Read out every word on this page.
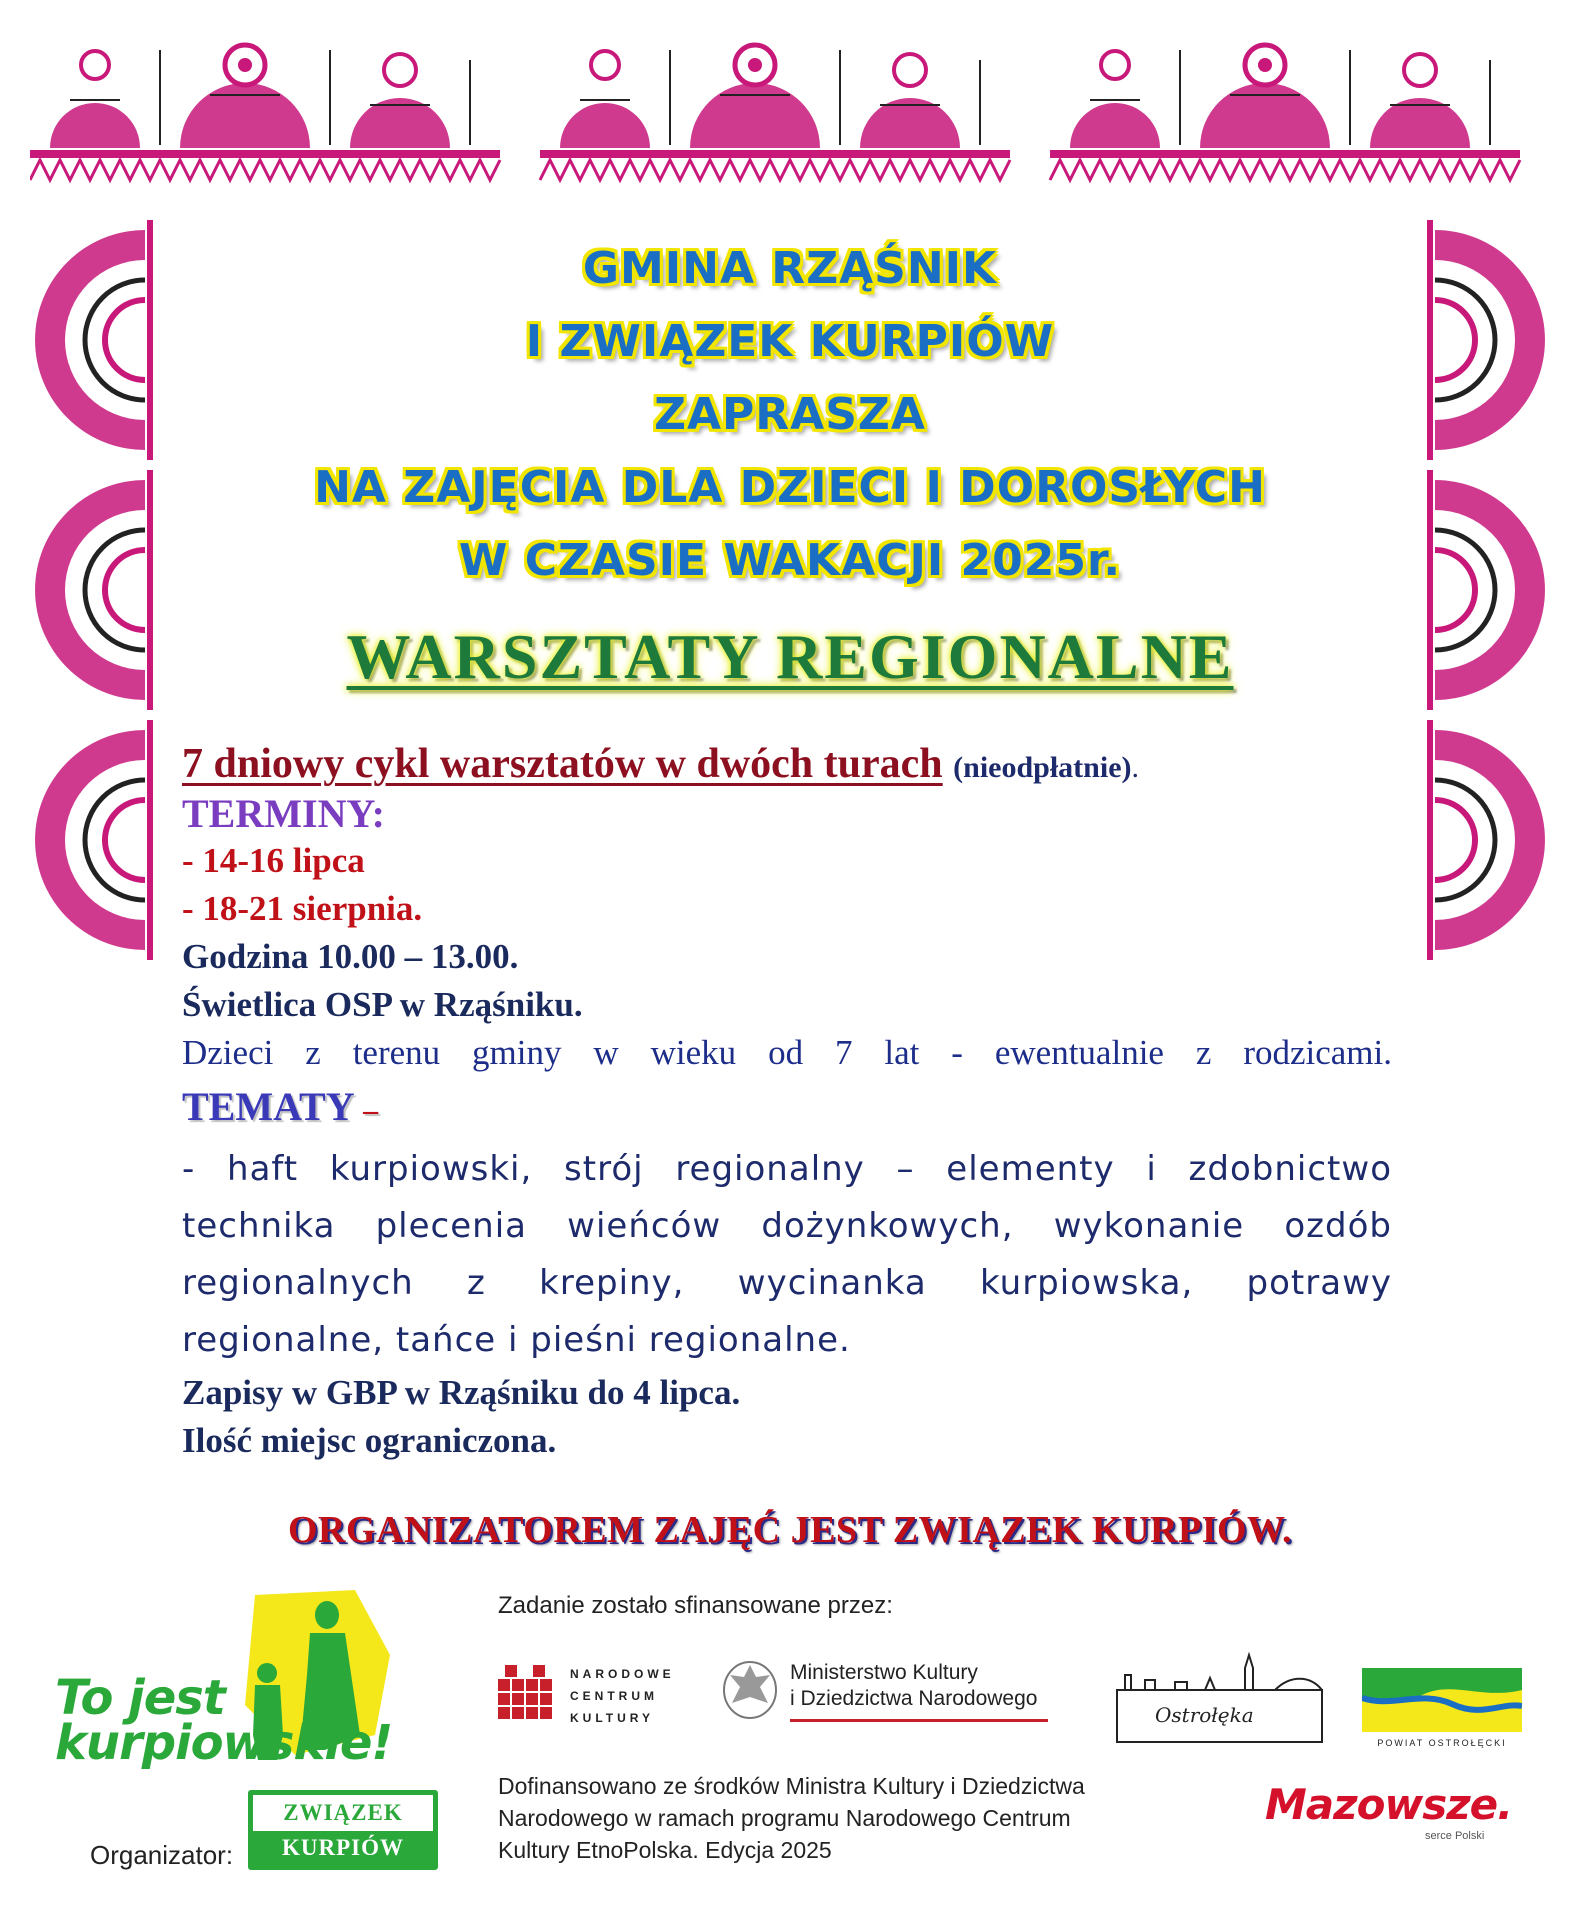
GMINA RZĄŚNIK
I ZWIĄZEK KURPIÓW
ZAPRASZA
NA ZAJĘCIA DLA DZIECI I DOROSŁYCH
W CZASIE WAKACJI 2025r.
WARSZTATY REGIONALNE
7 dniowy cykl warsztatów w dwóch turach (nieodpłatnie).
TERMINY:
- 14-16 lipca
- 18-21 sierpnia.
Godzina 10.00 – 13.00.
Świetlica OSP w Rząśniku.
Dzieci z terenu gminy w wieku od 7 lat - ewentualnie z rodzicami.
TEMATY –
- haft kurpiowski, strój regionalny – elementy i zdobnictwo technika plecenia wieńców dożynkowych, wykonanie ozdób regionalnych z krepiny, wycinanka kurpiowska, potrawy regionalne, tańce i pieśni regionalne.
Zapisy w GBP w Rząśniku do 4 lipca.
Ilość miejsc ograniczona.
ORGANIZATOREM ZAJĘĆ JEST ZWIĄZEK KURPIÓW.
To jest
kurpiowskie!
Organizator:
ZWIĄZEK
KURPIÓW
Zadanie zostało sfinansowane przez:
NARODOWE
CENTRUM
KULTURY
Ministerstwo Kultury
i Dziedzictwa Narodowego
Ostrołęka
POWIAT OSTROŁĘCKI
Dofinansowano ze środków Ministra Kultury i Dziedzictwa Narodowego w ramach programu Narodowego Centrum Kultury EtnoPolska. Edycja 2025
Mazowsze.
serce Polski
